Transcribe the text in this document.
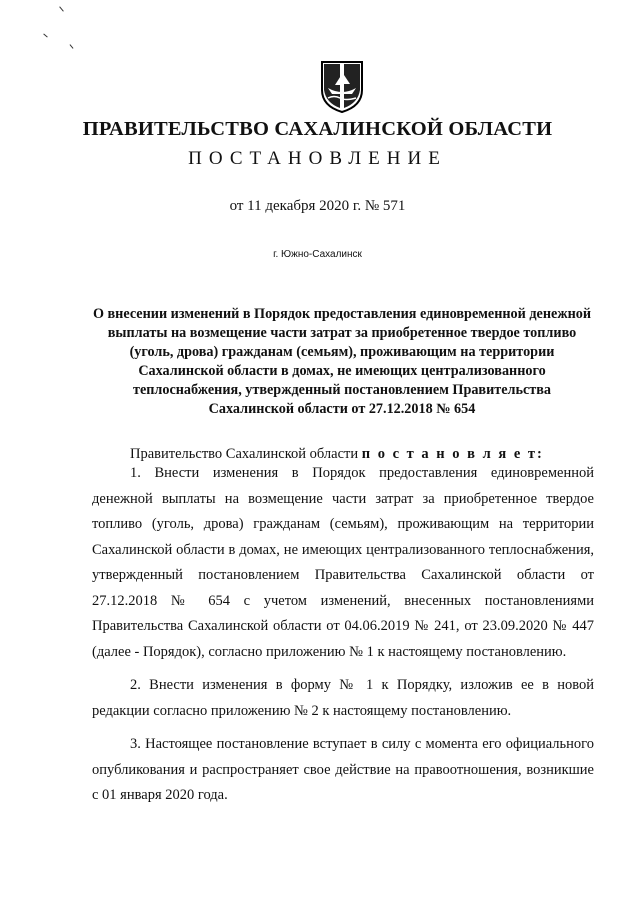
ПРАВИТЕЛЬСТВО САХАЛИНСКОЙ ОБЛАСТИ
ПОСТАНОВЛЕНИЕ
от 11 декабря 2020 г. № 571
г. Южно-Сахалинск
О внесении изменений в Порядок предоставления единовременной денежной выплаты на возмещение части затрат за приобретенное твердое топливо (уголь, дрова) гражданам (семьям), проживающим на территории Сахалинской области в домах, не имеющих централизованного теплоснабжения, утвержденный постановлением Правительства Сахалинской области от 27.12.2018 № 654
Правительство Сахалинской области п о с т а н о в л я е т:

1. Внести изменения в Порядок предоставления единовременной денежной выплаты на возмещение части затрат за приобретенное твердое топливо (уголь, дрова) гражданам (семьям), проживающим на территории Сахалинской области в домах, не имеющих централизованного теплоснабжения, утвержденный постановлением Правительства Сахалинской области от 27.12.2018 № 654 с учетом изменений, внесенных постановлениями Правительства Сахалинской области от 04.06.2019 № 241, от 23.09.2020 № 447 (далее - Порядок), согласно приложению № 1 к настоящему постановлению.

2. Внести изменения в форму № 1 к Порядку, изложив ее в новой редакции согласно приложению № 2 к настоящему постановлению.

3. Настоящее постановление вступает в силу с момента его официального опубликования и распространяет свое действие на правоотношения, возникшие с 01 января 2020 года.
